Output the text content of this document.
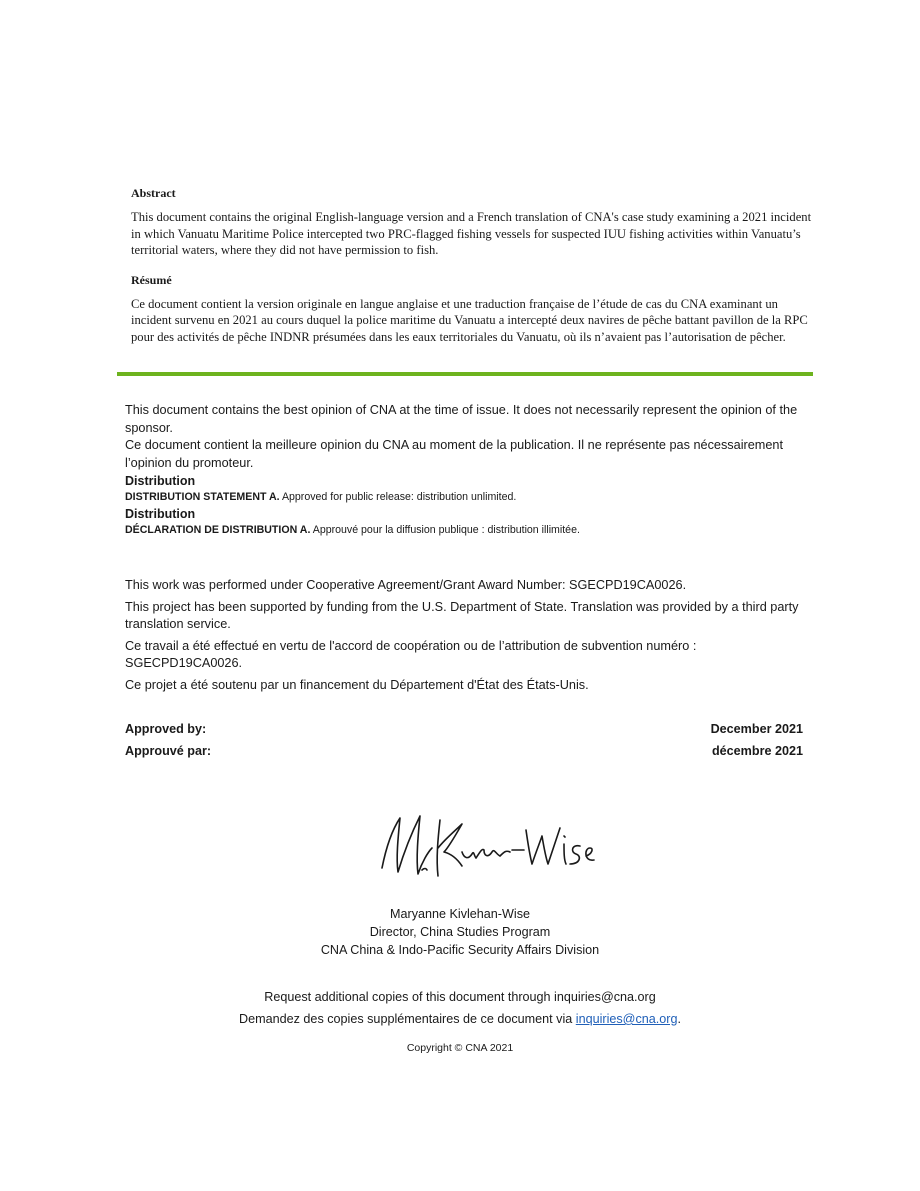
Abstract

This document contains the original English-language version and a French translation of CNA's case study examining a 2021 incident in which Vanuatu Maritime Police intercepted two PRC-flagged fishing vessels for suspected IUU fishing activities within Vanuatu’s territorial waters, where they did not have permission to fish.

Résumé

Ce document contient la version originale en langue anglaise et une traduction française de l’étude de cas du CNA examinant un incident survenu en 2021 au cours duquel la police maritime du Vanuatu a intercepté deux navires de pêche battant pavillon de la RPC pour des activités de pêche INDNR présumées dans les eaux territoriales du Vanuatu, où ils n’avaient pas l’autorisation de pêcher.

This document contains the best opinion of CNA at the time of issue. It does not necessarily represent the opinion of the sponsor.

Ce document contient la meilleure opinion du CNA au moment de la publication. Il ne représente pas nécessairement l’opinion du promoteur.

Distribution
DISTRIBUTION STATEMENT A. Approved for public release: distribution unlimited.
Distribution
DÉCLARATION DE DISTRIBUTION A. Approuvé pour la diffusion publique : distribution illimitée.

This work was performed under Cooperative Agreement/Grant Award Number: SGECPD19CA0026.

This project has been supported by funding from the U.S. Department of State. Translation was provided by a third party translation service.

Ce travail a été effectué en vertu de l'accord de coopération ou de l’attribution de subvention numéro : SGECPD19CA0026.

Ce projet a été soutenu par un financement du Département d'État des États-Unis.

Approved by:	December 2021
Approuvé par:	décembre 2021
Maryanne Kivlehan-Wise
Director, China Studies Program
CNA China & Indo-Pacific Security Affairs Division
Request additional copies of this document through inquiries@cna.org
Demandez des copies supplémentaires de ce document via inquiries@cna.org.
Copyright © CNA 2021
